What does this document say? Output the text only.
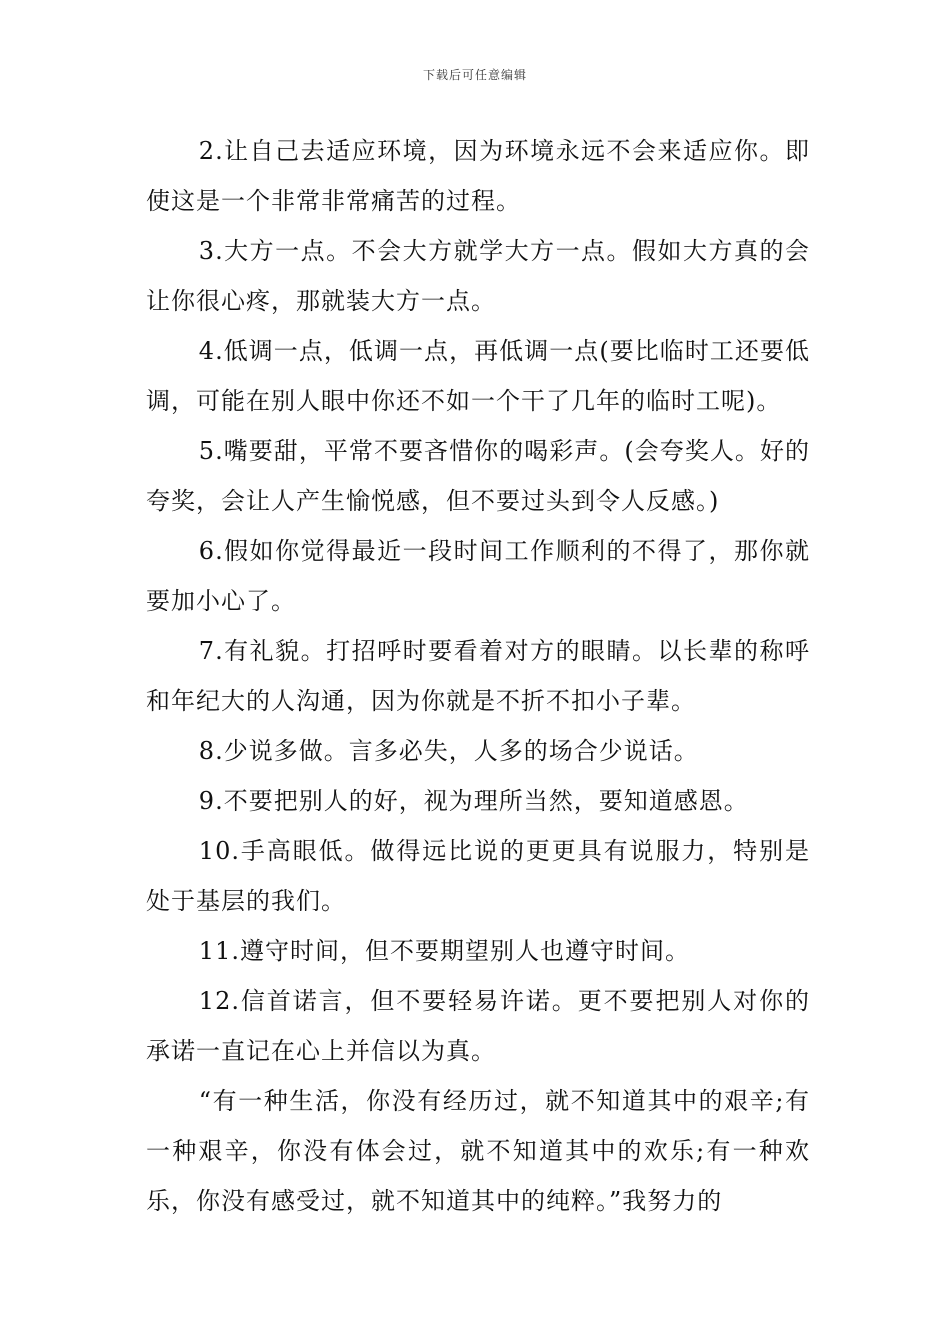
下载后可任意编辑

2.让自己去适应环境，因为环境永远不会来适应你。即使这是一个非常非常痛苦的过程。

3.大方一点。不会大方就学大方一点。假如大方真的会让你很心疼，那就装大方一点。

4.低调一点，低调一点，再低调一点(要比临时工还要低调，可能在别人眼中你还不如一个干了几年的临时工呢)。

5.嘴要甜，平常不要吝惜你的喝彩声。(会夸奖人。好的夸奖，会让人产生愉悦感，但不要过头到令人反感。)

6.假如你觉得最近一段时间工作顺利的不得了，那你就要加小心了。

7.有礼貌。打招呼时要看着对方的眼睛。以长辈的称呼和年纪大的人沟通，因为你就是不折不扣小子辈。

8.少说多做。言多必失，人多的场合少说话。

9.不要把别人的好，视为理所当然，要知道感恩。

10.手高眼低。做得远比说的更更具有说服力，特别是处于基层的我们。

11.遵守时间，但不要期望别人也遵守时间。

12.信首诺言，但不要轻易许诺。更不要把别人对你的承诺一直记在心上并信以为真。

“有一种生活，你没有经历过，就不知道其中的艰辛;有一种艰辛，你没有体会过，就不知道其中的欢乐;有一种欢乐，你没有感受过，就不知道其中的纯粹。”我努力的
